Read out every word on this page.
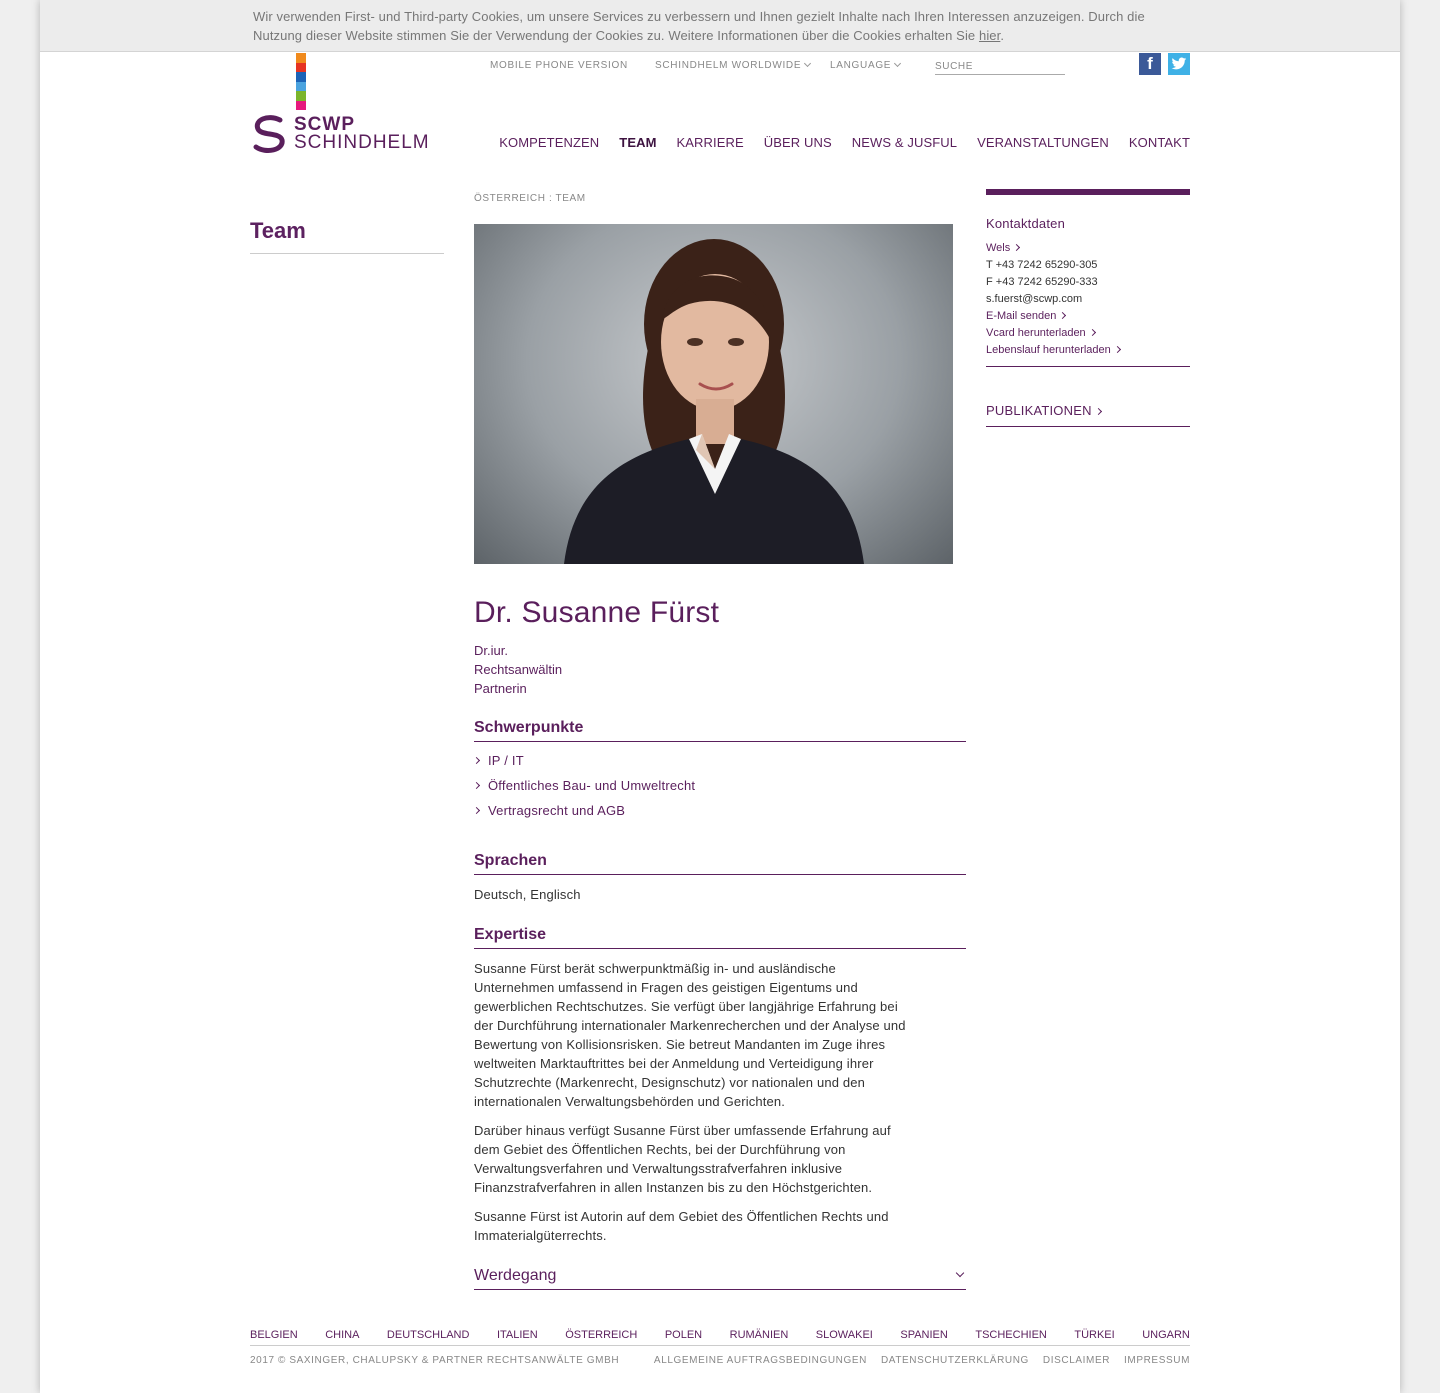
Wir verwenden First- und Third-party Cookies, um unsere Services zu verbessern und Ihnen gezielt Inhalte nach Ihren Interessen anzuzeigen. Durch die Nutzung dieser Website stimmen Sie der Verwendung der Cookies zu. Weitere Informationen über die Cookies erhalten Sie hier.

SCWP
SCHINDHELM
MOBILE PHONE VERSION	SCHINDHELM WORLDWIDE	LANGUAGE
SUCHE	f
KOMPETENZEN TEAM KARRIERE ÜBER UNS NEWS & JUSFUL VERANSTALTUNGEN KONTAKT
Team
ÖSTERREICH : TEAM
Dr. Susanne Fürst
Dr.iur.
Rechtsanwältin
Partnerin
Schwerpunkte
IP / IT
Öffentliches Bau- und Umweltrecht
Vertragsrecht und AGB
Sprachen

Deutsch, Englisch

Expertise

Susanne Fürst berät schwerpunktmäßig in- und ausländische Unternehmen umfassend in Fragen des geistigen Eigentums und gewerblichen Rechtschutzes. Sie verfügt über langjährige Erfahrung bei der Durchführung internationaler Markenrecherchen und der Analyse und Bewertung von Kollisionsrisken. Sie betreut Mandanten im Zuge ihres weltweiten Marktauftrittes bei der Anmeldung und Verteidigung ihrer Schutzrechte (Markenrecht, Designschutz) vor nationalen und den internationalen Verwaltungsbehörden und Gerichten.

Darüber hinaus verfügt Susanne Fürst über umfassende Erfahrung auf dem Gebiet des Öffentlichen Rechts, bei der Durchführung von Verwaltungsverfahren und Verwaltungsstrafverfahren inklusive Finanzstrafverfahren in allen Instanzen bis zu den Höchstgerichten.

Susanne Fürst ist Autorin auf dem Gebiet des Öffentlichen Rechts und Immaterialgüterrechts.

Werdegang
Kontaktdaten
Wels
T +43 7242 65290-305
F +43 7242 65290-333
s.fuerst@scwp.com
E-Mail senden
Vcard herunterladen
Lebenslauf herunterladen
PUBLIKATIONEN
BELGIEN	CHINA	DEUTSCHLAND	ITALIEN	ÖSTERREICH	POLEN	RUMÄNIEN	SLOWAKEI	SPANIEN	TSCHECHIEN	TÜRKEI	UNGARN
2017 © SAXINGER, CHALUPSKY & PARTNER RECHTSANWÄLTE GMBH	ALLGEMEINE AUFTRAGSBEDINGUNGEN DATENSCHUTZERKLÄRUNG DISCLAIMER IMPRESSUM
